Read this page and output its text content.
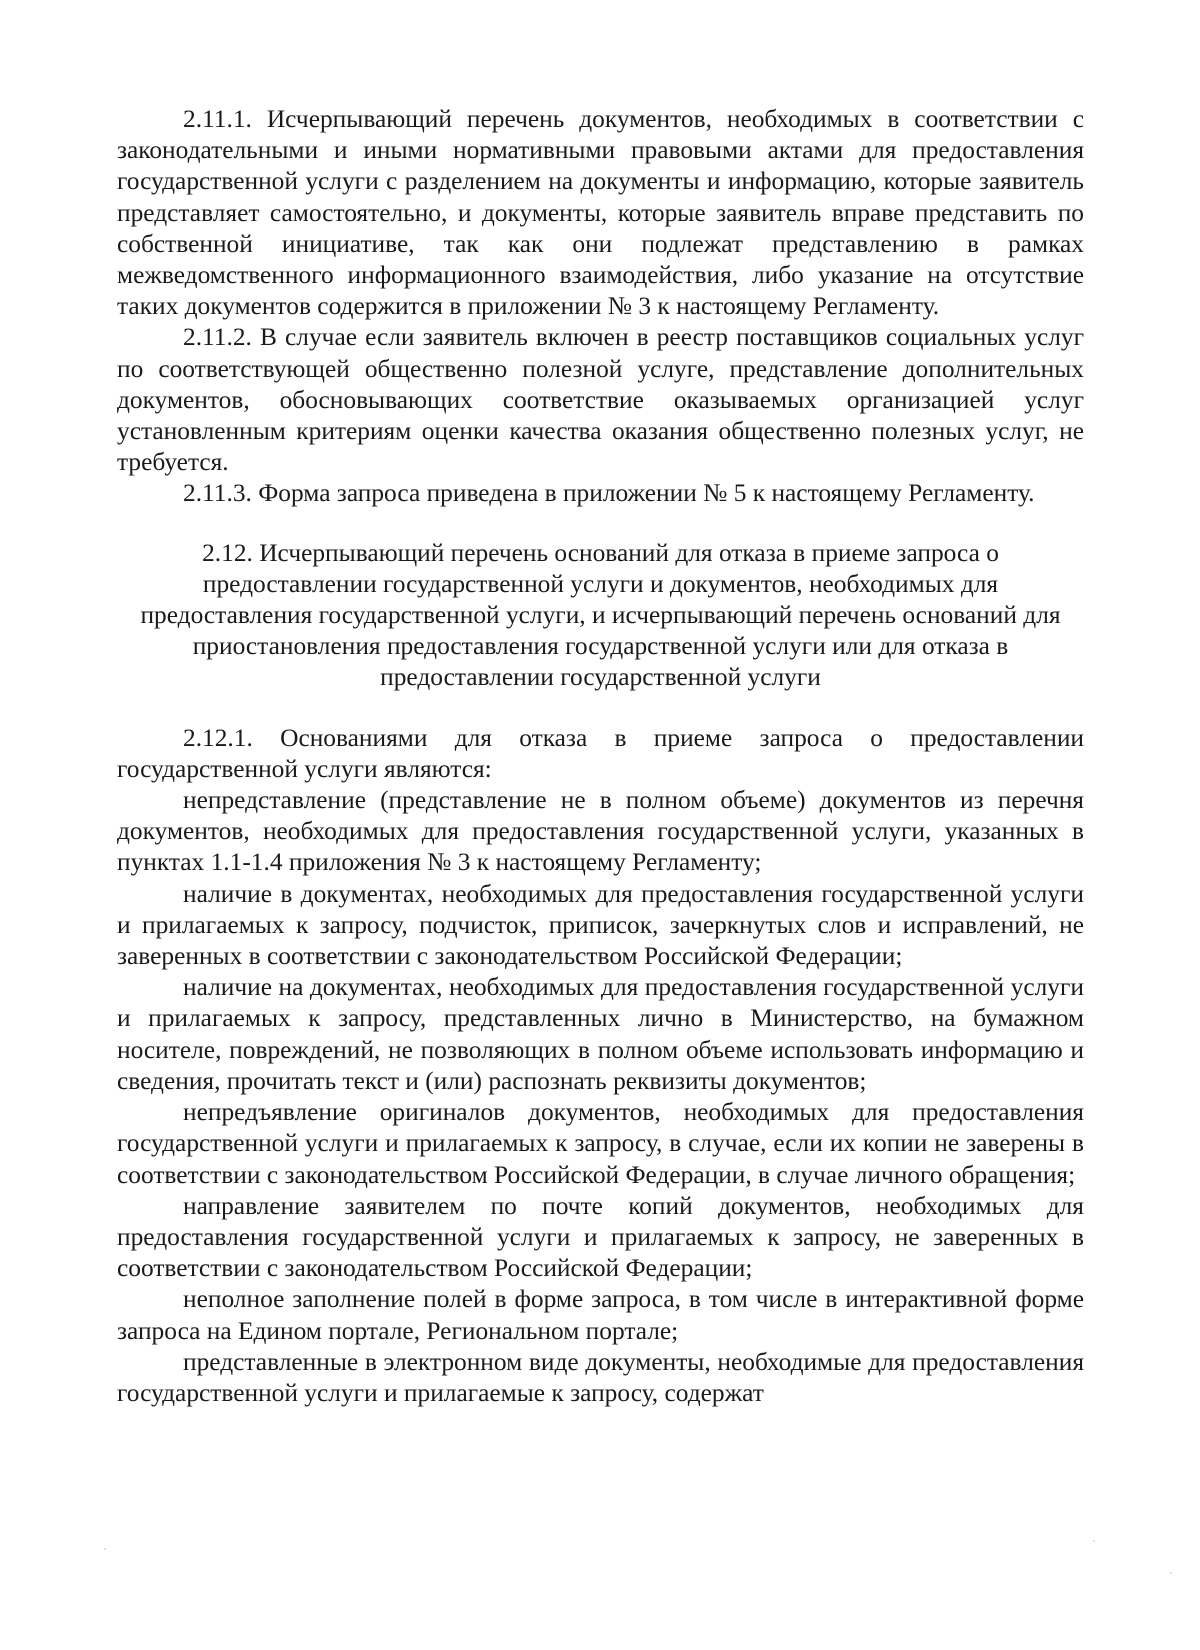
2.11.1. Исчерпывающий перечень документов, необходимых в соответствии с законодательными и иными нормативными правовыми актами для предоставления государственной услуги с разделением на документы и информацию, которые заявитель представляет самостоятельно, и документы, которые заявитель вправе представить по собственной инициативе, так как они подлежат представлению в рамках межведомственного информационного взаимодействия, либо указание на отсутствие таких документов содержится в приложении № 3 к настоящему Регламенту.

2.11.2. В случае если заявитель включен в реестр поставщиков социальных услуг по соответствующей общественно полезной услуге, представление дополнительных документов, обосновывающих соответствие оказываемых организацией услуг установленным критериям оценки качества оказания общественно полезных услуг, не требуется.

2.11.3. Форма запроса приведена в приложении № 5 к настоящему Регламенту.

2.12. Исчерпывающий перечень оснований для отказа в приеме запроса о

предоставлении государственной услуги и документов, необходимых для

предоставления государственной услуги, и исчерпывающий перечень оснований для

приостановления предоставления государственной услуги или для отказа в

предоставлении государственной услуги

2.12.1. Основаниями для отказа в приеме запроса о предоставлении государственной услуги являются:

непредставление (представление не в полном объеме) документов из перечня документов, необходимых для предоставления государственной услуги, указанных в пунктах 1.1-1.4 приложения № 3 к настоящему Регламенту;

наличие в документах, необходимых для предоставления государственной услуги и прилагаемых к запросу, подчисток, приписок, зачеркнутых слов и исправлений, не заверенных в соответствии с законодательством Российской Федерации;

наличие на документах, необходимых для предоставления государственной услуги и прилагаемых к запросу, представленных лично в Министерство, на бумажном носителе, повреждений, не позволяющих в полном объеме использовать информацию и сведения, прочитать текст и (или) распознать реквизиты документов;

непредъявление оригиналов документов, необходимых для предоставления государственной услуги и прилагаемых к запросу, в случае, если их копии не заверены в соответствии с законодательством Российской Федерации, в случае личного обращения;

направление заявителем по почте копий документов, необходимых для предоставления государственной услуги и прилагаемых к запросу, не заверенных в соответствии с законодательством Российской Федерации;

неполное заполнение полей в форме запроса, в том числе в интерактивной форме запроса на Едином портале, Региональном портале;

представленные в электронном виде документы, необходимые для предоставления государственной услуги и прилагаемые к запросу, содержат
